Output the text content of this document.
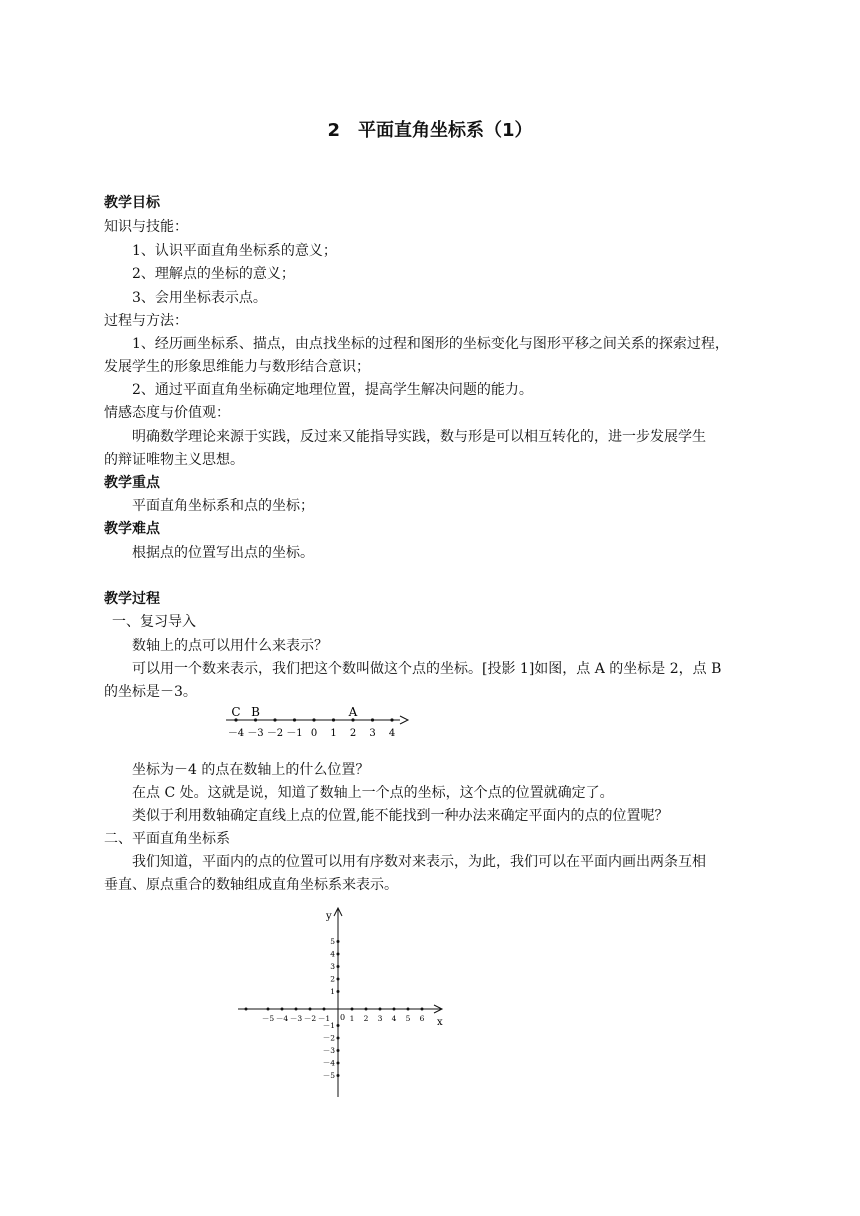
2　平面直角坐标系（1）
教学目标
知识与技能：
1、认识平面直角坐标系的意义；
2、理解点的坐标的意义；
3、会用坐标表示点。
过程与方法：
1、经历画坐标系、描点，由点找坐标的过程和图形的坐标变化与图形平移之间关系的探索过程，
发展学生的形象思维能力与数形结合意识；
2、通过平面直角坐标确定地理位置，提高学生解决问题的能力。
情感态度与价值观：
明确数学理论来源于实践，反过来又能指导实践，数与形是可以相互转化的，进一步发展学生
的辩证唯物主义思想。
教学重点
平面直角坐标系和点的坐标；
教学难点
根据点的位置写出点的坐标。
教学过程
一、复习导入
数轴上的点可以用什么来表示？
可以用一个数来表示，我们把这个数叫做这个点的坐标。[投影 1]如图，点 A 的坐标是 2，点 B
的坐标是－3。
－4 －3 －2 －1 0 1 2 3 4
C B	A
坐标为－4 的点在数轴上的什么位置？
在点 C 处。这就是说，知道了数轴上一个点的坐标，这个点的位置就确定了。
类似于利用数轴确定直线上点的位置,能不能找到一种办法来确定平面内的点的位置呢？
二、平面直角坐标系
我们知道，平面内的点的位置可以用有序数对来表示，为此，我们可以在平面内画出两条互相
垂直、原点重合的数轴组成直角坐标系来表示。
x
y
0
－5 －4 －3 －2 －1	1 2 3 4 5 6
5
4
3
2
1
－1
－2
－3
－4
－5
